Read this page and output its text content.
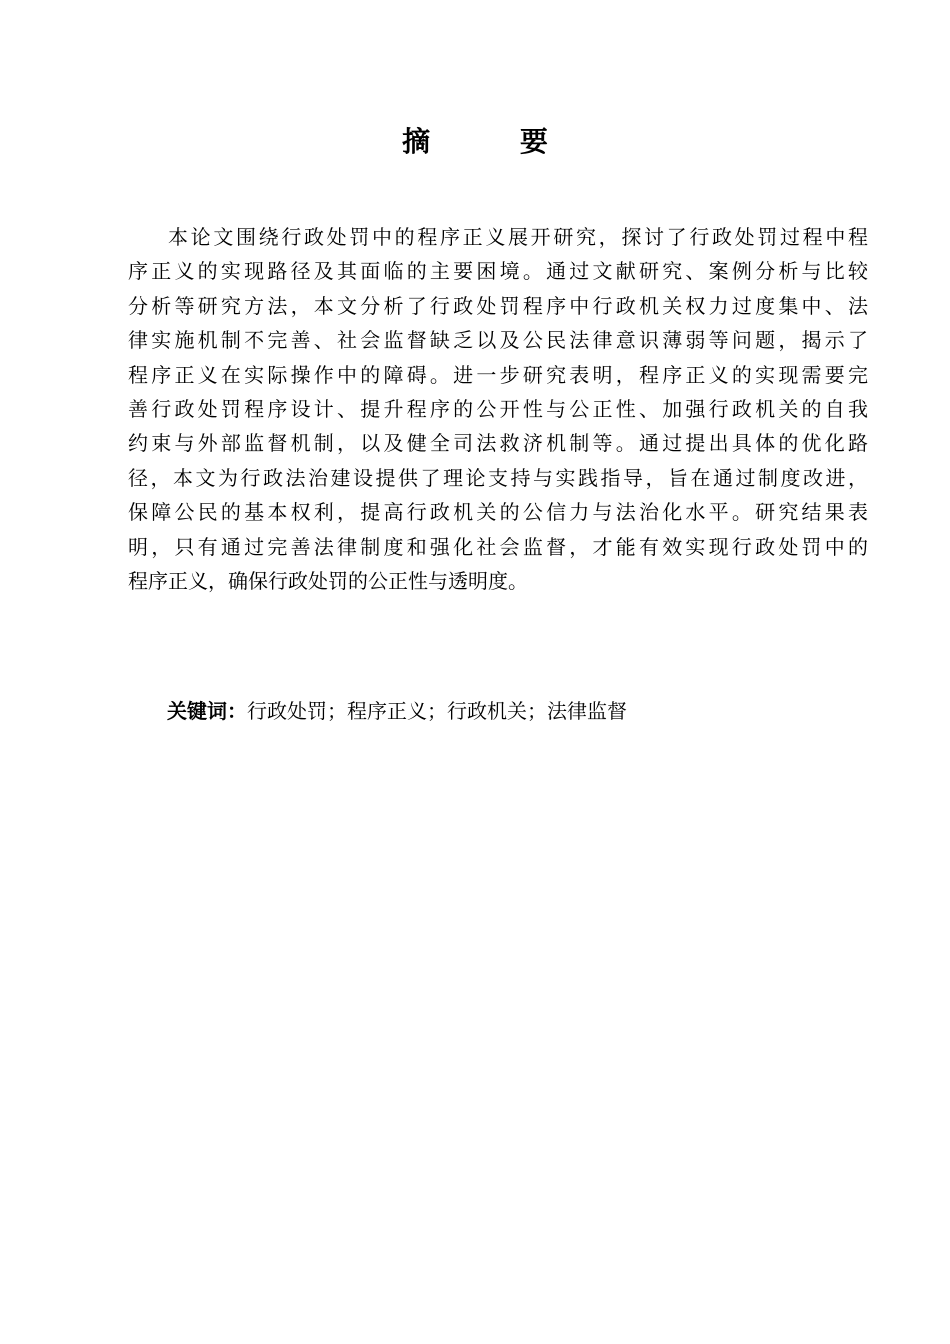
摘 要
本论文围绕行政处罚中的程序正义展开研究，探讨了行政处罚过程中程
序正义的实现路径及其面临的主要困境。通过文献研究、案例分析与比较
分析等研究方法，本文分析了行政处罚程序中行政机关权力过度集中、法
律实施机制不完善、社会监督缺乏以及公民法律意识薄弱等问题，揭示了
程序正义在实际操作中的障碍。进一步研究表明，程序正义的实现需要完
善行政处罚程序设计、提升程序的公开性与公正性、加强行政机关的自我
约束与外部监督机制，以及健全司法救济机制等。通过提出具体的优化路
径，本文为行政法治建设提供了理论支持与实践指导，旨在通过制度改进，
保障公民的基本权利，提高行政机关的公信力与法治化水平。研究结果表
明，只有通过完善法律制度和强化社会监督，才能有效实现行政处罚中的
程序正义，确保行政处罚的公正性与透明度。

关键词：行政处罚；程序正义；行政机关；法律监督
